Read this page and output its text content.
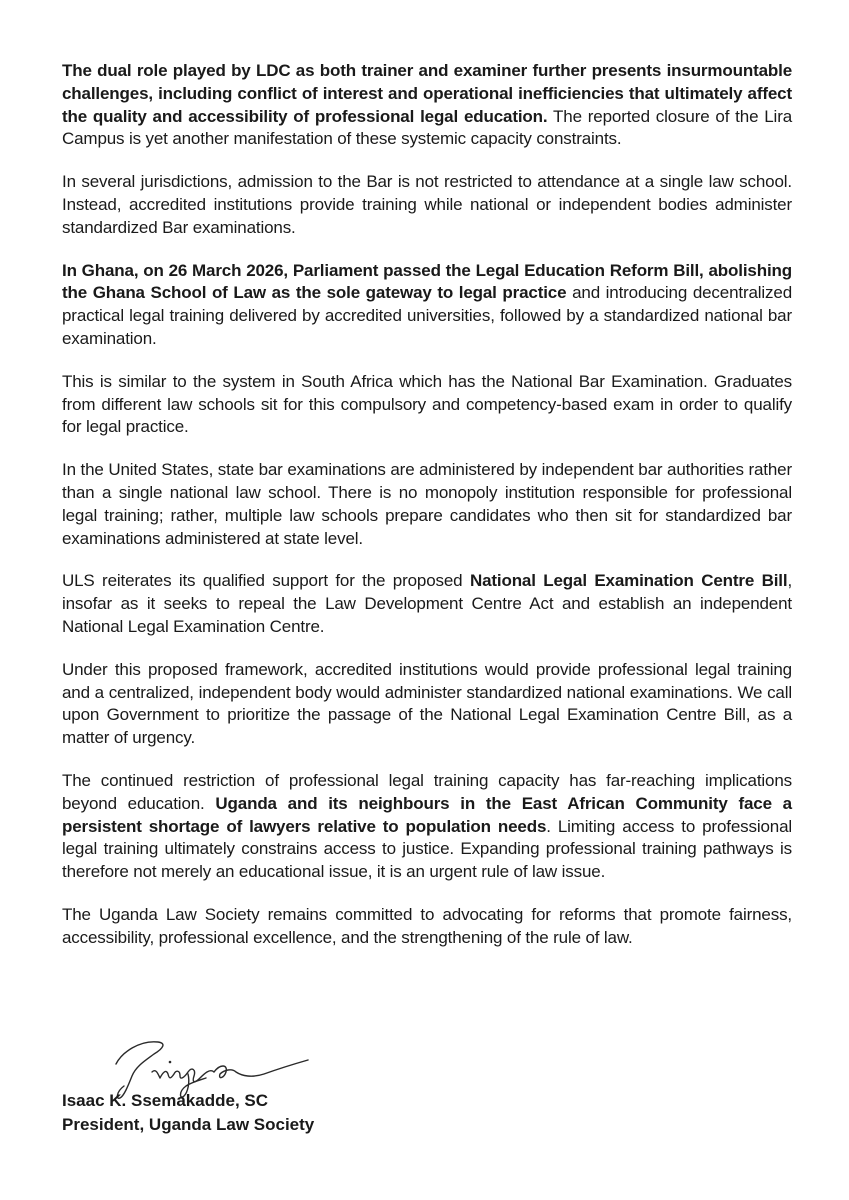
The dual role played by LDC as both trainer and examiner further presents insurmountable challenges, including conflict of interest and operational inefficiencies that ultimately affect the quality and accessibility of professional legal education. The reported closure of the Lira Campus is yet another manifestation of these systemic capacity constraints.

In several jurisdictions, admission to the Bar is not restricted to attendance at a single law school. Instead, accredited institutions provide training while national or independent bodies administer standardized Bar examinations.

In Ghana, on 26 March 2026, Parliament passed the Legal Education Reform Bill, abolishing the Ghana School of Law as the sole gateway to legal practice and introducing decentralized practical legal training delivered by accredited universities, followed by a standardized national bar examination.

This is similar to the system in South Africa which has the National Bar Examination. Graduates from different law schools sit for this compulsory and competency-based exam in order to qualify for legal practice.

In the United States, state bar examinations are administered by independent bar authorities rather than a single national law school. There is no monopoly institution responsible for professional legal training; rather, multiple law schools prepare candidates who then sit for standardized bar examinations administered at state level.

ULS reiterates its qualified support for the proposed National Legal Examination Centre Bill, insofar as it seeks to repeal the Law Development Centre Act and establish an independent National Legal Examination Centre.

Under this proposed framework, accredited institutions would provide professional legal training and a centralized, independent body would administer standardized national examinations. We call upon Government to prioritize the passage of the National Legal Examination Centre Bill, as a matter of urgency.

The continued restriction of professional legal training capacity has far-reaching implications beyond education. Uganda and its neighbours in the East African Community face a persistent shortage of lawyers relative to population needs. Limiting access to professional legal training ultimately constrains access to justice. Expanding professional training pathways is therefore not merely an educational issue, it is an urgent rule of law issue.

The Uganda Law Society remains committed to advocating for reforms that promote fairness, accessibility, professional excellence, and the strengthening of the rule of law.

Isaac K. Ssemakadde, SC
President, Uganda Law Society
